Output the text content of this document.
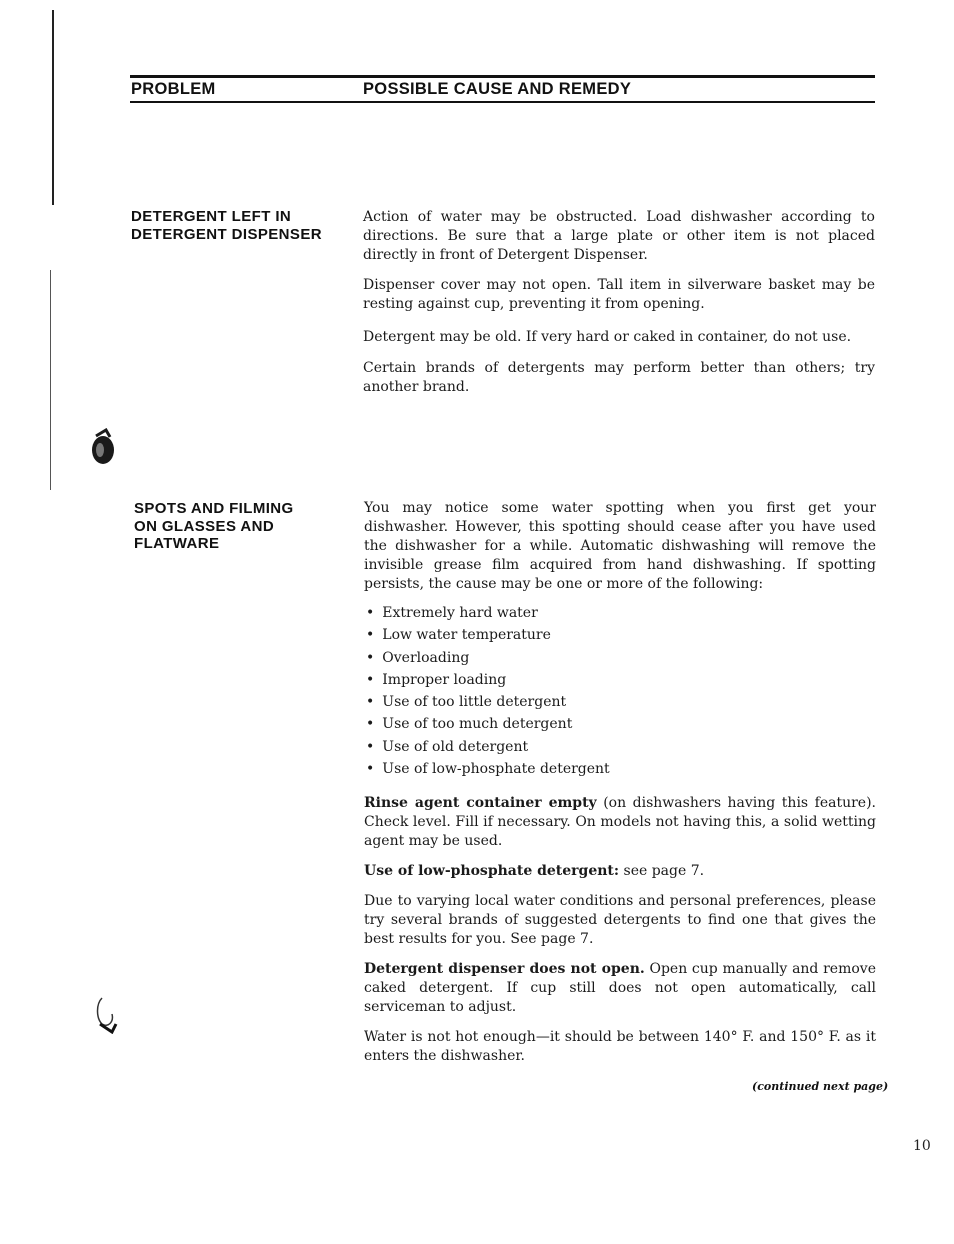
PROBLEM	POSSIBLE CAUSE AND REMEDY
DETERGENT LEFT IN
DETERGENT DISPENSER

Action of water may be obstructed. Load dishwasher according to directions. Be sure that a large plate or other item is not placed directly in front of Detergent Dispenser.

Dispenser cover may not open. Tall item in silverware basket may be resting against cup, preventing it from opening.

Detergent may be old. If very hard or caked in container, do not use.

Certain brands of detergents may perform better than others; try another brand.

SPOTS AND FILMING
ON GLASSES AND
FLATWARE

You may notice some water spotting when you first get your dishwasher. However, this spotting should cease after you have used the dishwasher for a while. Automatic dishwashing will remove the invisible grease film acquired from hand dishwashing. If spotting persists, the cause may be one or more of the following:

• Extremely hard water
• Low water temperature
• Overloading
• Improper loading
• Use of too little detergent
• Use of too much detergent
• Use of old detergent
• Use of low-phosphate detergent

Rinse agent container empty (on dishwashers having this feature). Check level. Fill if necessary. On models not having this, a solid wetting agent may be used.

Use of low-phosphate detergent: see page 7.

Due to varying local water conditions and personal preferences, please try several brands of suggested detergents to find one that gives the best results for you. See page 7.

Detergent dispenser does not open. Open cup manually and remove caked detergent. If cup still does not open automatically, call serviceman to adjust.

Water is not hot enough—it should be between 140° F. and 150° F. as it enters the dishwasher.

(continued next page)
10
